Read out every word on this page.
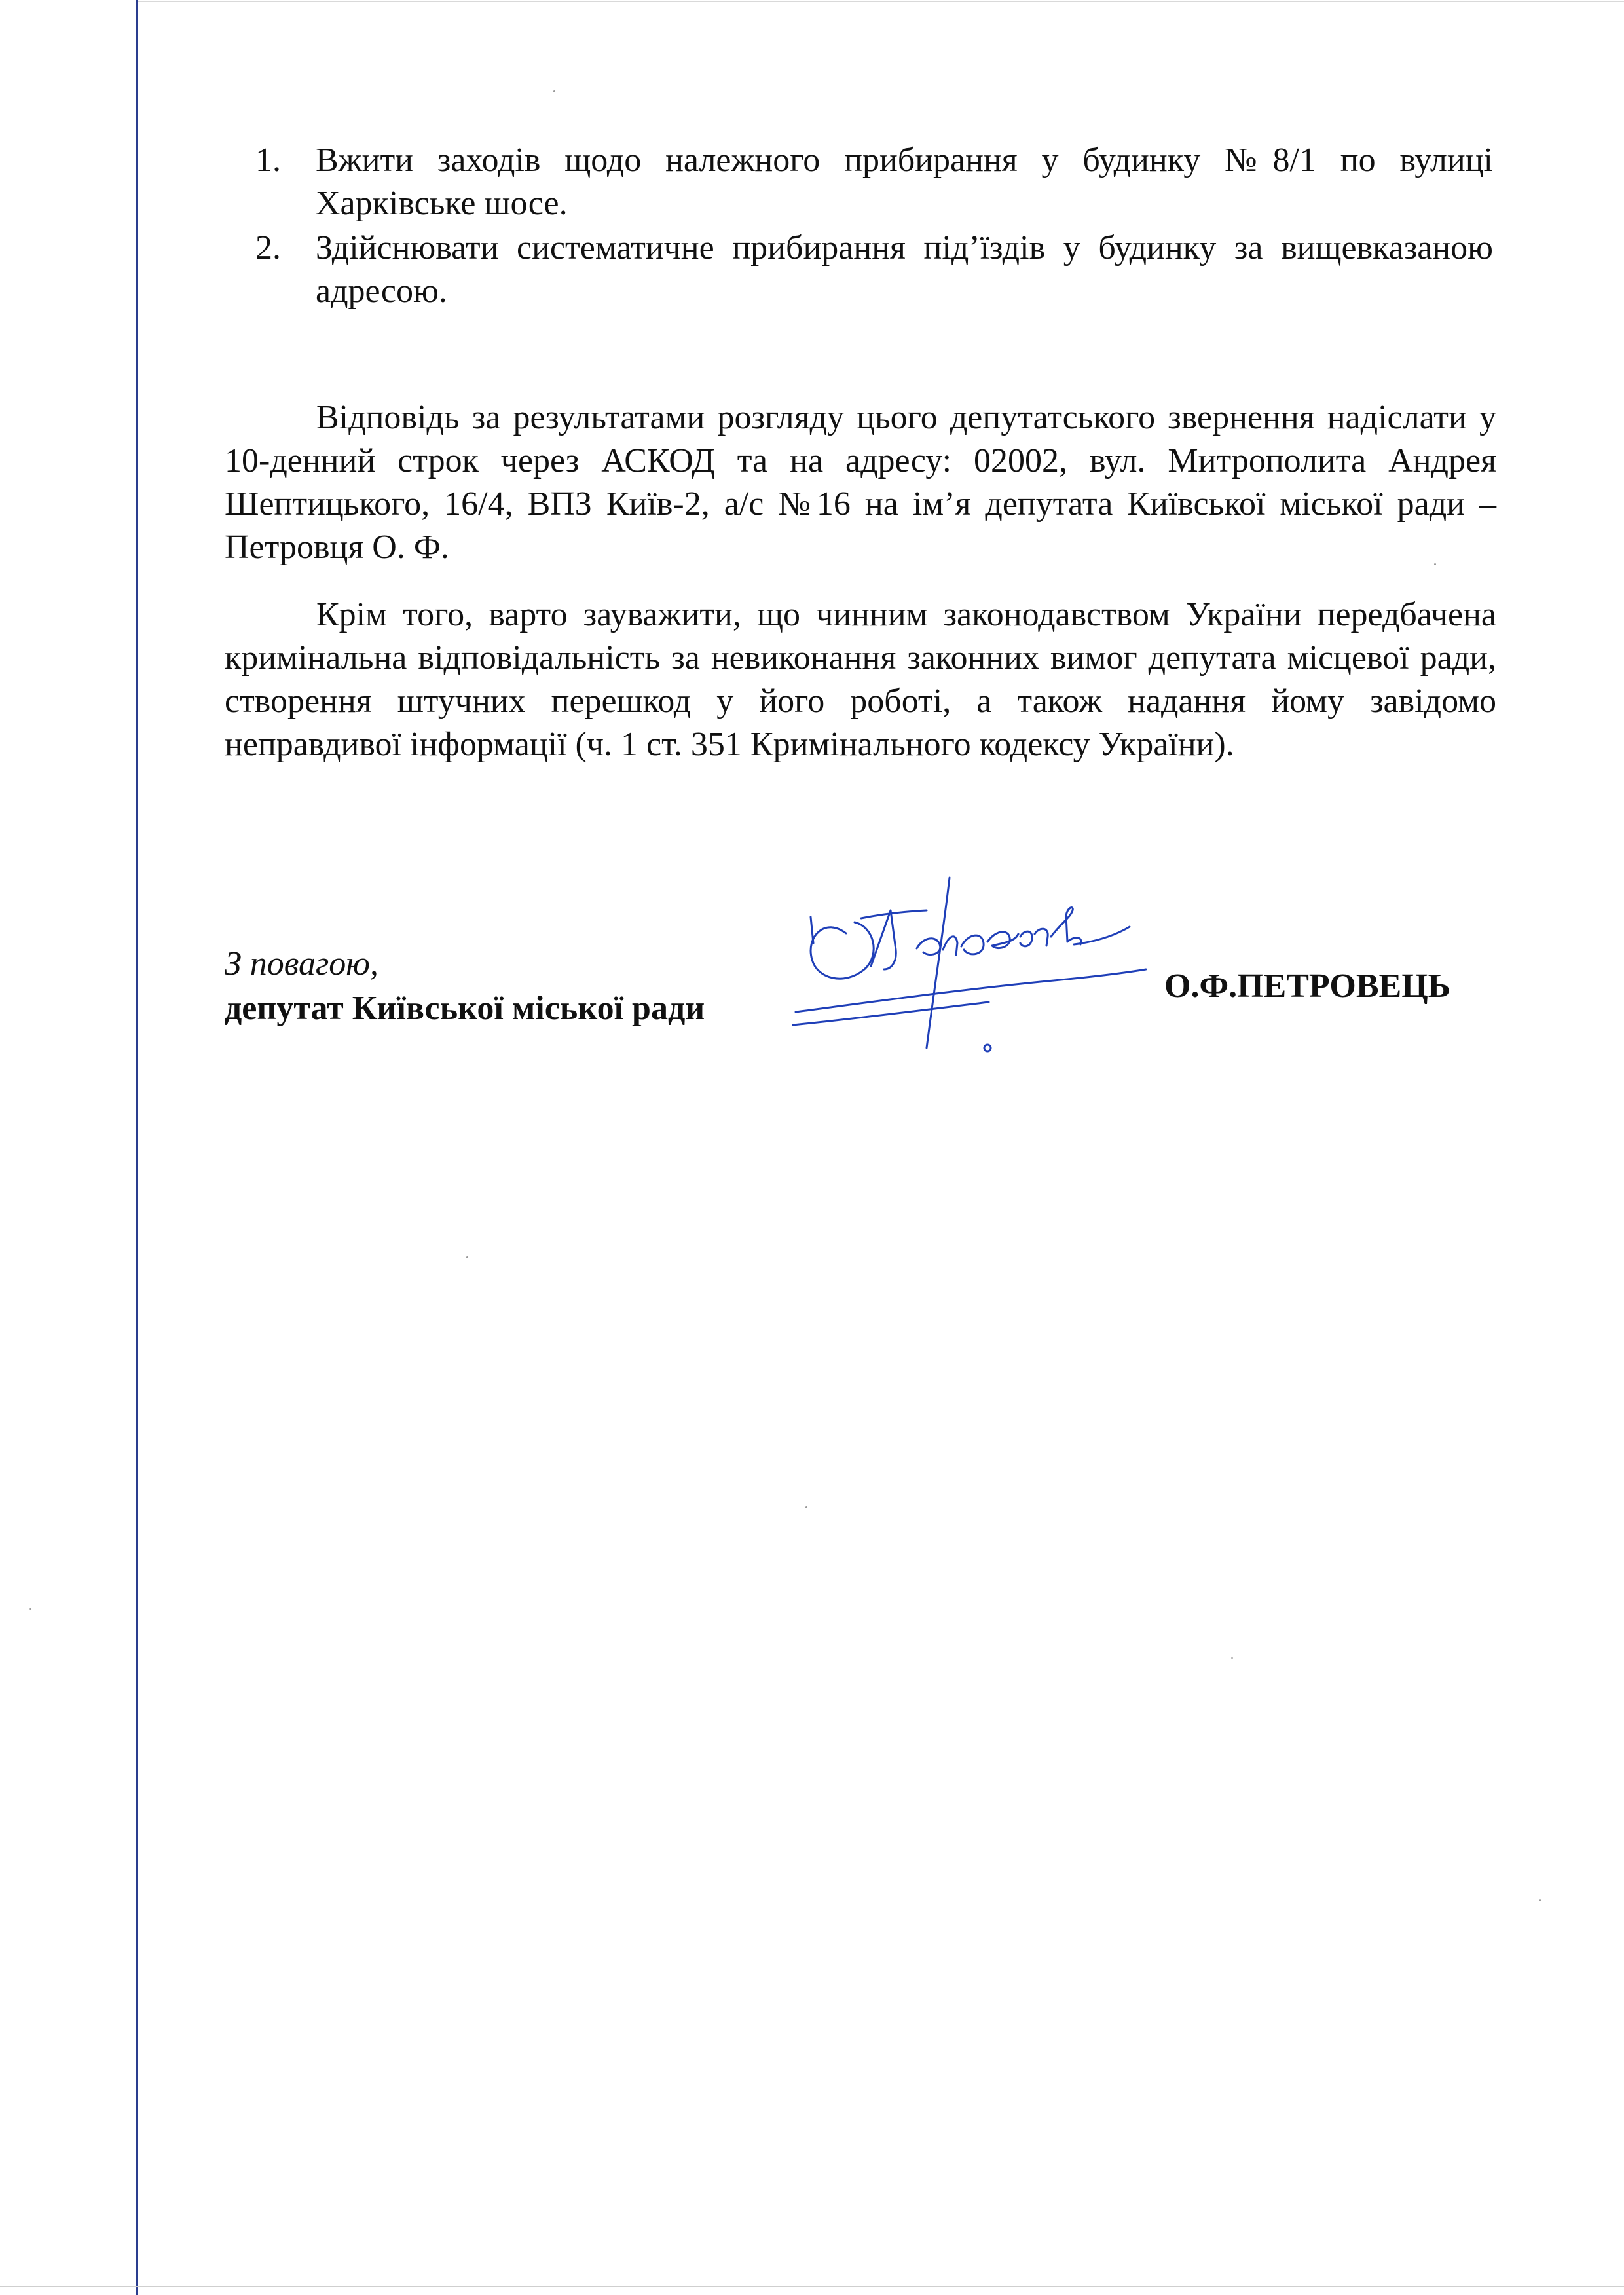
1. Вжити заходів щодо належного прибирання у будинку №8/1 по вулиці Харківське шосе.
2. Здійснювати систематичне прибирання під’їздів у будинку за вищевказаною адресою.
Відповідь за результатами розгляду цього депутатського звернення надіслати у 10-денний строк через АСКОД та на адресу: 02002, вул. Митрополита Андрея Шептицького, 16/4, ВПЗ Київ-2, а/с №16 на ім’я депутата Київської міської ради – Петровця О. Ф.
Крім того, варто зауважити, що чинним законодавством України передбачена кримінальна відповідальність за невиконання законних вимог депутата місцевої ради, створення штучних перешкод у його роботі, а також надання йому завідомо неправдивої інформації (ч. 1 ст. 351 Кримінального кодексу України).
З повагою,
депутат Київської міської ради
О.Ф.ПЕТРОВЕЦЬ
